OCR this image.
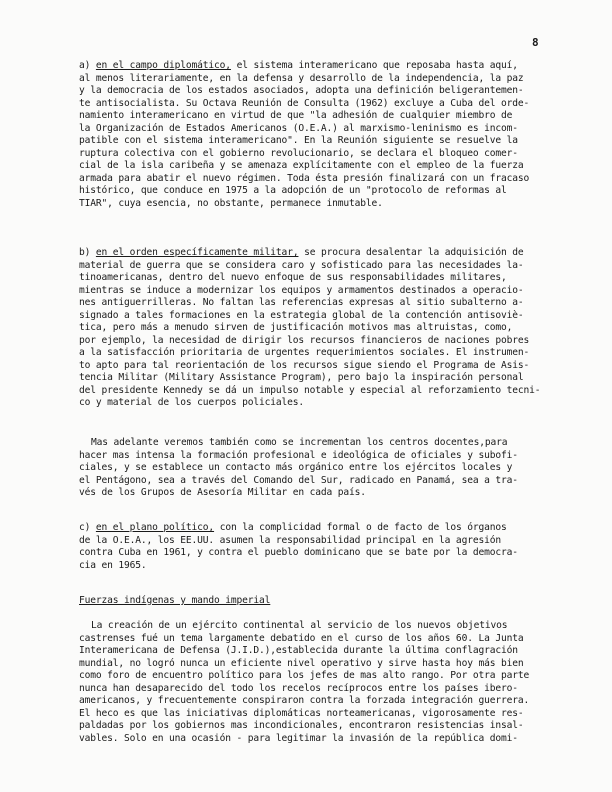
8
a) en el campo diplomático, el sistema interamericano que reposaba hasta aquí,
al menos literariamente, en la defensa y desarrollo de la independencia, la paz
y la democracia de los estados asociados, adopta una definición beligerantemen-
te antisocialista. Su Octava Reunión de Consulta (1962) excluye a Cuba del orde-
namiento interamericano en virtud de que "la adhesión de cualquier miembro de
la Organización de Estados Americanos (O.E.A.) al marxismo-leninismo es incom-
patible con el sistema interamericano". En la Reunión siguiente se resuelve la
ruptura colectiva con el gobierno revolucionario, se declara el bloqueo comer-
cial de la isla caribeña y se amenaza explícitamente con el empleo de la fuerza
armada para abatir el nuevo régimen. Toda ésta presión finalizará con un fracaso
histórico, que conduce en 1975 a la adopción de un "protocolo de reformas al
TIAR", cuya esencia, no obstante, permanece inmutable.
b) en el orden específicamente militar, se procura desalentar la adquisición de
material de guerra que se considera caro y sofisticado para las necesidades la-
tinoamericanas, dentro del nuevo enfoque de sus responsabilidades militares,
mientras se induce a modernizar los equipos y armamentos destinados a operacio-
nes antiguerrilleras. No faltan las referencias expresas al sitio subalterno a-
signado a tales formaciones en la estrategia global de la contención antisoviè-
tica, pero más a menudo sirven de justificación motivos mas altruistas, como,
por ejemplo, la necesidad de dirigir los recursos financieros de naciones pobres
a la satisfacción prioritaria de urgentes requerimientos sociales. El instrumen-
to apto para tal reorientación de los recursos sigue siendo el Programa de Asis-
tencia Militar (Military Assistance Program), pero bajo la inspiración personal
del presidente Kennedy se dá un impulso notable y especial al reforzamiento tecni-
co y material de los cuerpos policiales.
Mas adelante veremos también como se incrementan los centros docentes,para
hacer mas intensa la formación profesional e ideológica de oficiales y subofi-
ciales, y se establece un contacto más orgánico entre los ejércitos locales y
el Pentágono, sea a través del Comando del Sur, radicado en Panamá, sea a tra-
vés de los Grupos de Asesoría Militar en cada país.
c) en el plano político, con la complicidad formal o de facto de los órganos
de la O.E.A., los EE.UU. asumen la responsabilidad principal en la agresión
contra Cuba en 1961, y contra el pueblo dominicano que se bate por la democra-
cia en 1965.
Fuerzas indígenas y mando imperial
La creación de un ejército continental al servicio de los nuevos objetivos
castrenses fué un tema largamente debatido en el curso de los años 60. La Junta
Interamericana de Defensa (J.I.D.),establecida durante la última conflagración
mundial, no logró nunca un eficiente nivel operativo y sirve hasta hoy más bien
como foro de encuentro político para los jefes de mas alto rango. Por otra parte
nunca han desaparecido del todo los recelos recíprocos entre los países ibero-
americanos, y frecuentemente conspiraron contra la forzada integración guerrera.
El heco es que las iniciativas diplomáticas norteamericanas, vigorosamente res-
paldadas por los gobiernos mas incondicionales, encontraron resistencias insal-
vables. Solo en una ocasión - para legitimar la invasión de la república domi-
